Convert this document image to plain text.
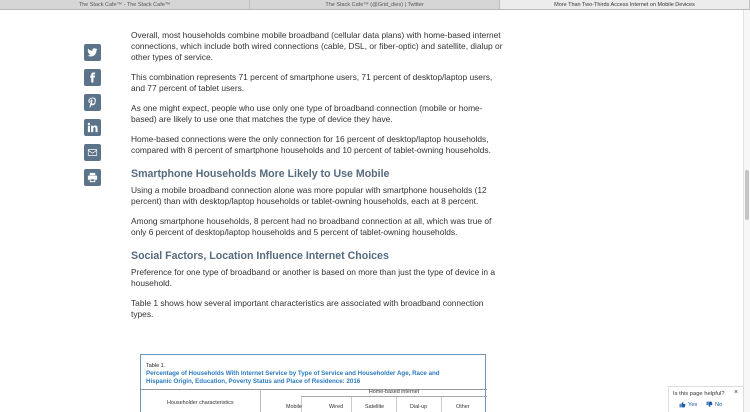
The Stack Cafe™ - The Stack Cafe™	The Stack Cafe™ (@Grid_dies) | Twitter	More Than Two-Thirds Access Internet on Mobile Devices

Overall, most households combine mobile broadband (cellular data plans) with home-based internet connections, which include both wired connections (cable, DSL, or fiber-optic) and satellite, dialup or other types of service.

This combination represents 71 percent of smartphone users, 71 percent of desktop/laptop users, and 77 percent of tablet users.

As one might expect, people who use only one type of broadband connection (mobile or home-based) are likely to use one that matches the type of device they have.

Home-based connections were the only connection for 16 percent of desktop/laptop households, compared with 8 percent of smartphone households and 10 percent of tablet-owning households.

Smartphone Households More Likely to Use Mobile

Using a mobile broadband connection alone was more popular with smartphone households (12 percent) than with desktop/laptop households or tablet-owning households, each at 8 percent.

Among smartphone households, 8 percent had no broadband connection at all, which was true of only 6 percent of desktop/laptop households and 5 percent of tablet-owning households.

Social Factors, Location Influence Internet Choices

Preference for one type of broadband or another is based on more than just the type of device in a household.

Table 1 shows how several important characteristics are associated with broadband connection types.

Table 1.
Percentage of Households With Internet Service by Type of Service and Householder Age, Race and Hispanic Origin, Education, Poverty Status and Place of Residence: 2016
Householder characteristics
Home-based internet
Mobile	Wired	Satellite	Dial-up	Other
Is this page helpful? ×
Yes	No
